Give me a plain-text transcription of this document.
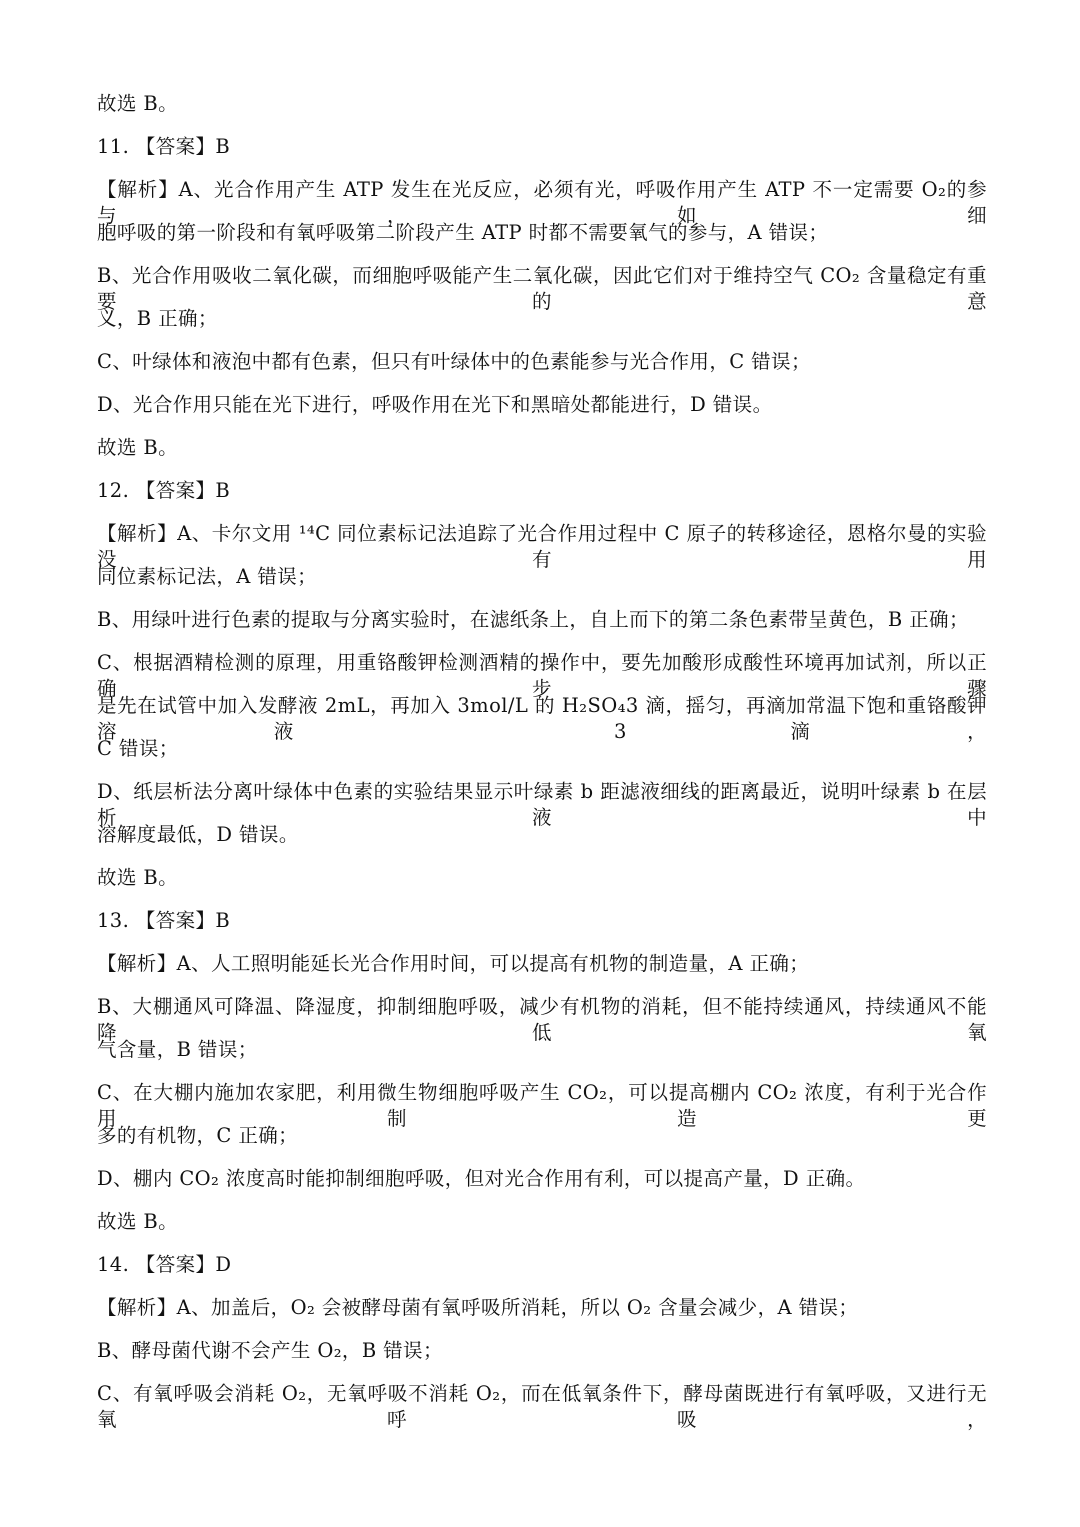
故选 B。
11. 【答案】B
【解析】A、光合作用产生 ATP 发生在光反应，必须有光，呼吸作用产生 ATP 不一定需要 O₂的参与，如细
胞呼吸的第一阶段和有氧呼吸第二阶段产生 ATP 时都不需要氧气的参与，A 错误；
B、光合作用吸收二氧化碳，而细胞呼吸能产生二氧化碳，因此它们对于维持空气 CO₂ 含量稳定有重要的意
义，B 正确；
C、叶绿体和液泡中都有色素，但只有叶绿体中的色素能参与光合作用，C 错误；
D、光合作用只能在光下进行，呼吸作用在光下和黑暗处都能进行，D 错误。
故选 B。
12. 【答案】B
【解析】A、卡尔文用 ¹⁴C 同位素标记法追踪了光合作用过程中 C 原子的转移途径，恩格尔曼的实验没有用
同位素标记法，A 错误；
B、用绿叶进行色素的提取与分离实验时，在滤纸条上，自上而下的第二条色素带呈黄色，B 正确；
C、根据酒精检测的原理，用重铬酸钾检测酒精的操作中，要先加酸形成酸性环境再加试剂，所以正确步骤
是先在试管中加入发酵液 2mL，再加入 3mol/L 的 H₂SO₄3 滴，摇匀，再滴加常温下饱和重铬酸钾溶液 3 滴，
C 错误；
D、纸层析法分离叶绿体中色素的实验结果显示叶绿素 b 距滤液细线的距离最近，说明叶绿素 b 在层析液中
溶解度最低，D 错误。
故选 B。
13. 【答案】B
【解析】A、人工照明能延长光合作用时间，可以提高有机物的制造量，A 正确；
B、大棚通风可降温、降湿度，抑制细胞呼吸，减少有机物的消耗，但不能持续通风，持续通风不能降低氧
气含量，B 错误；
C、在大棚内施加农家肥，利用微生物细胞呼吸产生 CO₂，可以提高棚内 CO₂ 浓度，有利于光合作用制造更
多的有机物，C 正确；
D、棚内 CO₂ 浓度高时能抑制细胞呼吸，但对光合作用有利，可以提高产量，D 正确。
故选 B。
14. 【答案】D
【解析】A、加盖后，O₂ 会被酵母菌有氧呼吸所消耗，所以 O₂ 含量会减少，A 错误；
B、酵母菌代谢不会产生 O₂，B 错误；
C、有氧呼吸会消耗 O₂，无氧呼吸不消耗 O₂，而在低氧条件下，酵母菌既进行有氧呼吸，又进行无氧呼吸，
